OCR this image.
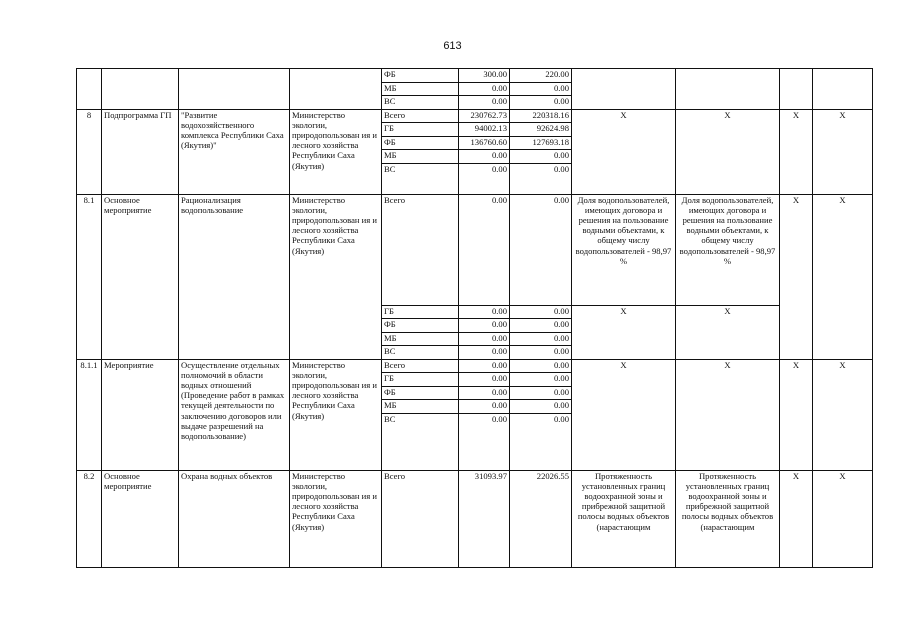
613
				ФБ	300.00	220.00				
				МБ	0.00	0.00				
				ВС	0.00	0.00				
8	Подпрограмма ГП	"Развитие водохозяйственного комплекса Республики Саха (Якутия)"	Министерство экологии, природопользован ия и лесного хозяйства Республики Саха (Якутия)	Всего	230762.73	220318.16	X	X	X	X
				ГБ	94002.13	92624.98				
				ФБ	136760.60	127693.18				
				МБ	0.00	0.00				
				ВС	0.00	0.00				
8.1	Основное мероприятие	Рационализация водопользование	Министерство экологии, природопользован ия и лесного хозяйства Республики Саха (Якутия)	Всего	0.00	0.00	Доля водопользователей, имеющих договора и решения на пользование водными объектами, к общему числу водопользователей - 98,97 %	Доля водопользователей, имеющих договора и решения на пользование водными объектами, к общему числу водопользователей - 98,97 %	X	X
				ГБ	0.00	0.00	X	X		
				ФБ	0.00	0.00				
				МБ	0.00	0.00				
				ВС	0.00	0.00				
8.1.1	Мероприятие	Осуществление отдельных полномочий в области водных отношений (Проведение работ в рамках текущей деятельности по заключению договоров или выдаче разрешений на водопользование)	Министерство экологии, природопользован ия и лесного хозяйства Республики Саха (Якутия)	Всего	0.00	0.00	X	X	X	X
				ГБ	0.00	0.00				
				ФБ	0.00	0.00				
				МБ	0.00	0.00				
				ВС	0.00	0.00				
8.2	Основное мероприятие	Охрана водных объектов	Министерство экологии, природопользован ия и лесного хозяйства Республики Саха (Якутия)	Всего	31093.97	22026.55	Протяженность установленных границ водоохранной зоны и прибрежной защитной полосы водных объектов (нарастающим	Протяженность установленных границ водоохранной зоны и прибрежной защитной полосы водных объектов (нарастающим	X	X
